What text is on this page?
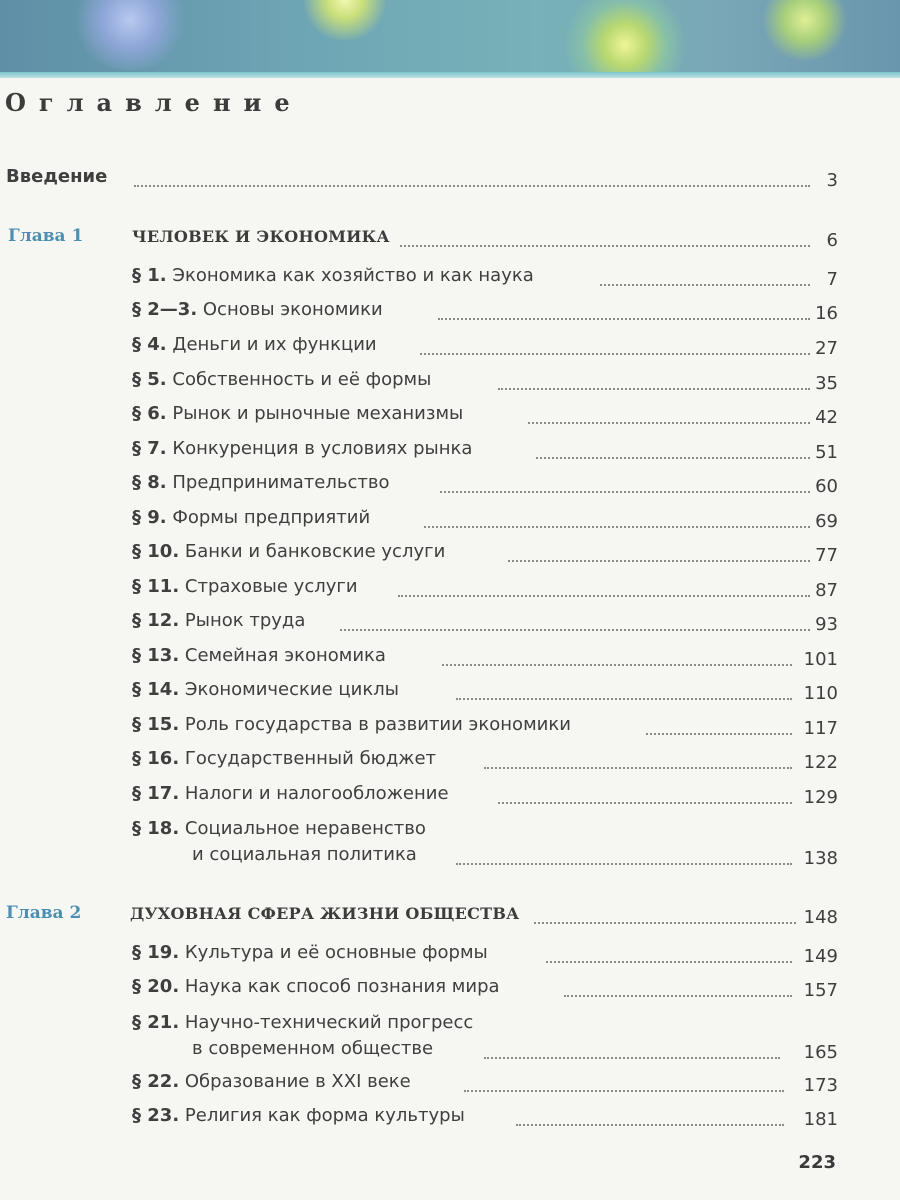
Оглавление
Введение	3
Глава 1	ЧЕЛОВЕК И ЭКОНОМИКА	6
§ 1. Экономика как хозяйство и как наука	7
§ 2—3. Основы экономики	16
§ 4. Деньги и их функции	27
§ 5. Собственность и её формы	35
§ 6. Рынок и рыночные механизмы	42
§ 7. Конкуренция в условиях рынка	51
§ 8. Предпринимательство	60
§ 9. Формы предприятий	69
§ 10. Банки и банковские услуги	77
§ 11. Страховые услуги	87
§ 12. Рынок труда	93
§ 13. Семейная экономика	101
§ 14. Экономические циклы	110
§ 15. Роль государства в развитии экономики	117
§ 16. Государственный бюджет	122
§ 17. Налоги и налогообложение	129
§ 18. Социальное неравенство
и социальная политика	138
Глава 2	ДУХОВНАЯ СФЕРА ЖИЗНИ ОБЩЕСТВА	148
§ 19. Культура и её основные формы	149
§ 20. Наука как способ познания мира	157
§ 21. Научно-технический прогресс
в современном обществе	165
§ 22. Образование в XXI веке	173
§ 23. Религия как форма культуры	181
223
